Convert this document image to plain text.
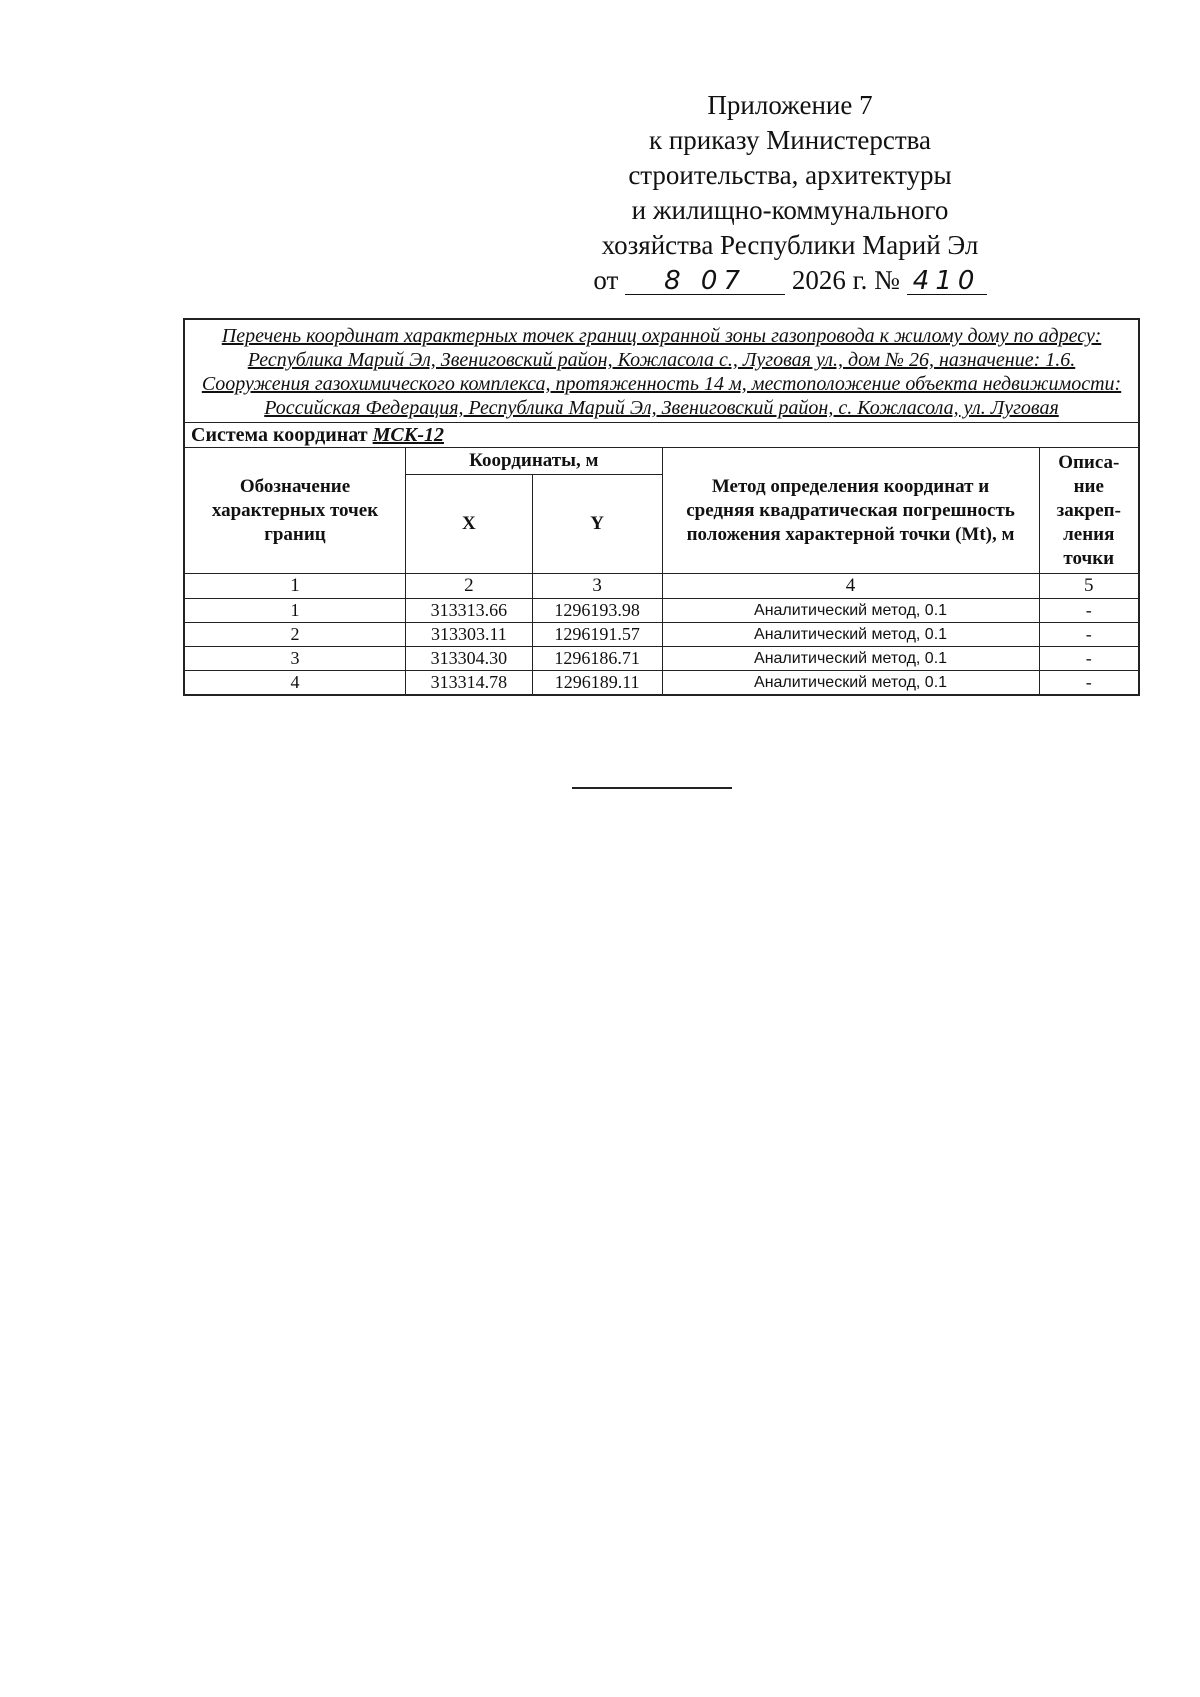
Приложение 7
к приказу Министерства
строительства, архитектуры
и жилищно-коммунального
хозяйства Республики Марий Эл
от 8 07 2026 г. № 410
Перечень координат характерных точек границ охранной зоны газопровода к жилому дому по адресу: Республика Марий Эл, Звениговский район, Кожласола с., Луговая ул., дом № 26, назначение: 1.6. Сооружения газохимического комплекса, протяженность 14 м, местоположение объекта недвижимости: Российская Федерация, Республика Марий Эл, Звениговский район, с. Кожласола, ул. Луговая				
Система координат МСК-12				
Обозначение характерных точек границ	Координаты, м		Метод определения координат и средняя квадратическая погрешность положения характерной точки (Mt), м	Описа-ние закреп-ления точки
	X	Y		
1	2	3	4	5
1	313313.66	1296193.98	Аналитический метод, 0.1	-
2	313303.11	1296191.57	Аналитический метод, 0.1	-
3	313304.30	1296186.71	Аналитический метод, 0.1	-
4	313314.78	1296189.11	Аналитический метод, 0.1	-
